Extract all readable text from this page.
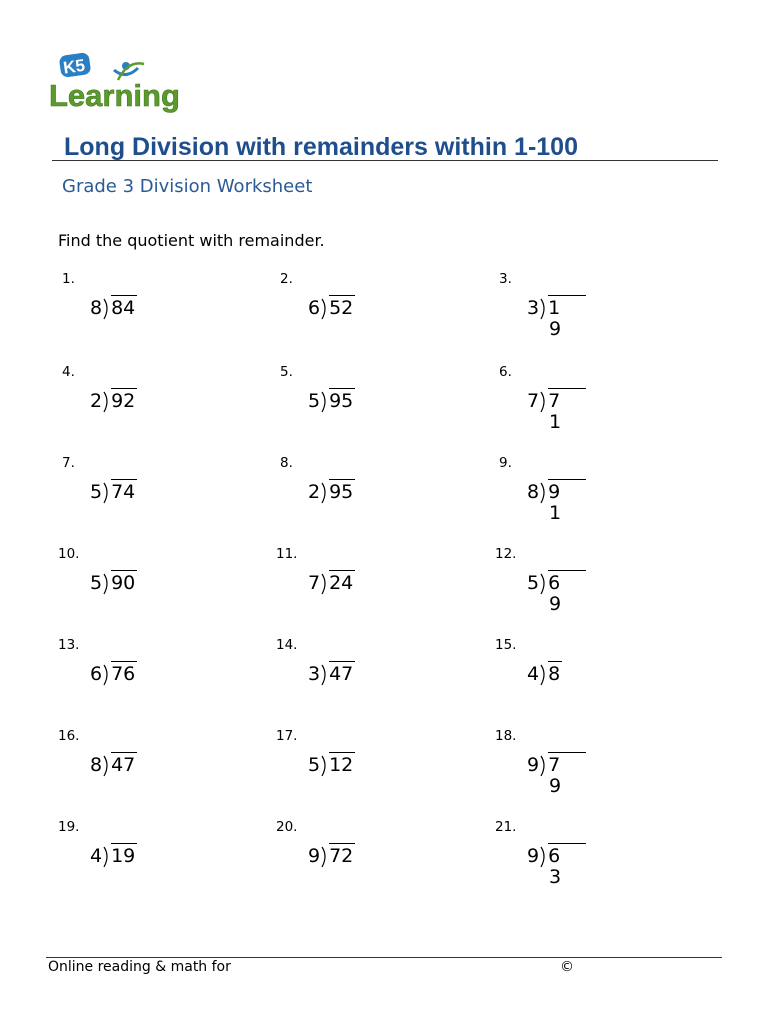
K5
Learning
Long Division with remainders within 1-100
Grade 3 Division Worksheet

Find the quotient with remainder.

1.
8 84
2.
6 52
3.
3 1
9
4.
2 92
5.
5 95
6.
7 7
1
7.
5 74
8.
2 95
9.
8 9
1
10.
5 90
11.
7 24
12.
5 6
9
13.
6 76
14.
3 47
15.
4 8
16.
8 47
17.
5 12
18.
9 7
9
19.
4 19
20.
9 72
21.
9 6
3
Online reading & math for	©
